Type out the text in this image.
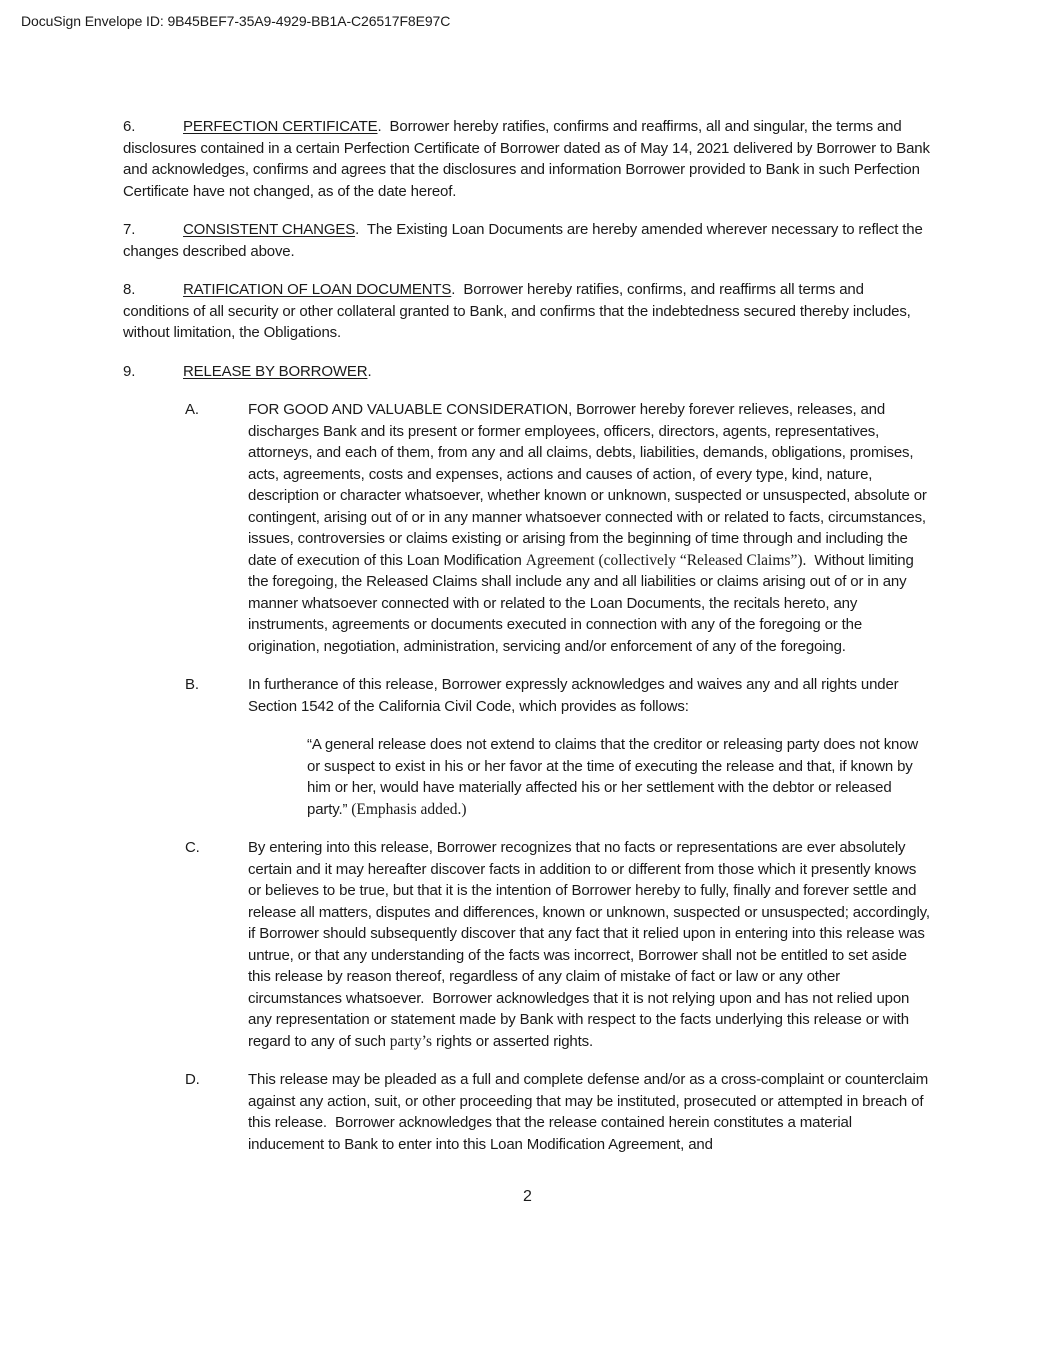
DocuSign Envelope ID: 9B45BEF7-35A9-4929-BB1A-C26517F8E97C

6.	PERFECTION CERTIFICATE.  Borrower hereby ratifies, confirms and reaffirms, all and singular, the terms and disclosures contained in a certain Perfection Certificate of Borrower dated as of May 14, 2021 delivered by Borrower to Bank and acknowledges, confirms and agrees that the disclosures and information Borrower provided to Bank in such Perfection Certificate have not changed, as of the date hereof.

7.	CONSISTENT CHANGES.  The Existing Loan Documents are hereby amended wherever necessary to reflect the changes described above.

8.	RATIFICATION OF LOAN DOCUMENTS.  Borrower hereby ratifies, confirms, and reaffirms all terms and conditions of all security or other collateral granted to Bank, and confirms that the indebtedness secured thereby includes, without limitation, the Obligations.

9.	RELEASE BY BORROWER.

A.	FOR GOOD AND VALUABLE CONSIDERATION, Borrower hereby forever relieves, releases, and discharges Bank and its present or former employees, officers, directors, agents, representatives, attorneys, and each of them, from any and all claims, debts, liabilities, demands, obligations, promises, acts, agreements, costs and expenses, actions and causes of action, of every type, kind, nature, description or character whatsoever, whether known or unknown, suspected or unsuspected, absolute or contingent, arising out of or in any manner whatsoever connected with or related to facts, circumstances, issues, controversies or claims existing or arising from the beginning of time through and including the date of execution of this Loan Modification Agreement (collectively “Released Claims”).  Without limiting the foregoing, the Released Claims shall include any and all liabilities or claims arising out of or in any manner whatsoever connected with or related to the Loan Documents, the recitals hereto, any instruments, agreements or documents executed in connection with any of the foregoing or the origination, negotiation, administration, servicing and/or enforcement of any of the foregoing.
B.	In furtherance of this release, Borrower expressly acknowledges and waives any and all rights under Section 1542 of the California Civil Code, which provides as follows:
“A general release does not extend to claims that the creditor or releasing party does not know or suspect to exist in his or her favor at the time of executing the release and that, if known by him or her, would have materially affected his or her settlement with the debtor or released party.” (Emphasis added.)
C.	By entering into this release, Borrower recognizes that no facts or representations are ever absolutely certain and it may hereafter discover facts in addition to or different from those which it presently knows or believes to be true, but that it is the intention of Borrower hereby to fully, finally and forever settle and release all matters, disputes and differences, known or unknown, suspected or unsuspected; accordingly, if Borrower should subsequently discover that any fact that it relied upon in entering into this release was untrue, or that any understanding of the facts was incorrect, Borrower shall not be entitled to set aside this release by reason thereof, regardless of any claim of mistake of fact or law or any other circumstances whatsoever.  Borrower acknowledges that it is not relying upon and has not relied upon any representation or statement made by Bank with respect to the facts underlying this release or with regard to any of such party’s rights or asserted rights.
D.	This release may be pleaded as a full and complete defense and/or as a cross-complaint or counterclaim against any action, suit, or other proceeding that may be instituted, prosecuted or attempted in breach of this release.  Borrower acknowledges that the release contained herein constitutes a material inducement to Bank to enter into this Loan Modification Agreement, and
2
